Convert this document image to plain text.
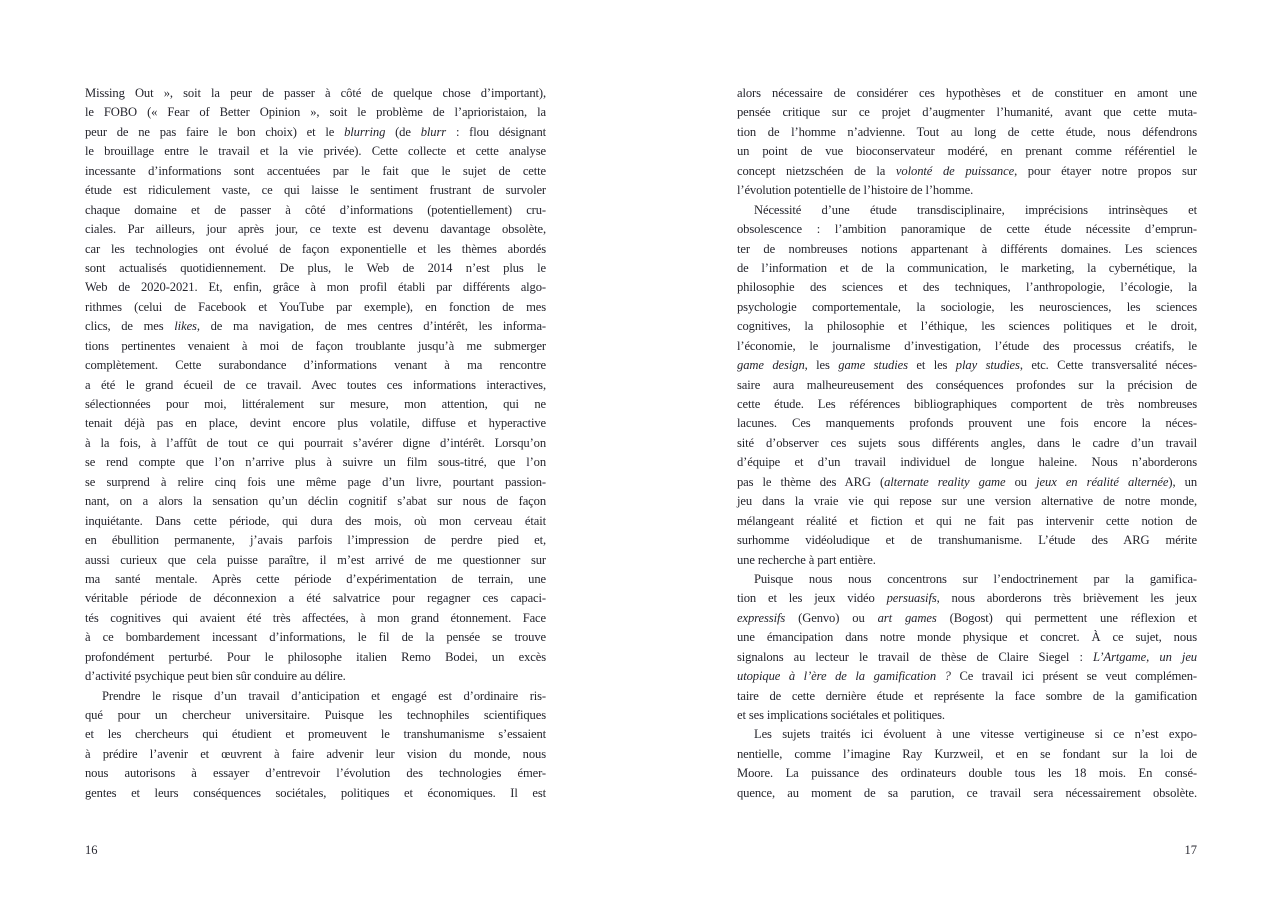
Missing Out », soit la peur de passer à côté de quelque chose d’important),
le FOBO (« Fear of Better Opinion », soit le problème de l’aprioristaion, la
peur de ne pas faire le bon choix) et le blurring (de blurr : flou désignant
le brouillage entre le travail et la vie privée). Cette collecte et cette analyse
incessante d’informations sont accentuées par le fait que le sujet de cette
étude est ridiculement vaste, ce qui laisse le sentiment frustrant de survoler
chaque domaine et de passer à côté d’informations (potentiellement) cru-
ciales. Par ailleurs, jour après jour, ce texte est devenu davantage obsolète,
car les technologies ont évolué de façon exponentielle et les thèmes abordés
sont actualisés quotidiennement. De plus, le Web de 2014 n’est plus le
Web de 2020-2021. Et, enfin, grâce à mon profil établi par différents algo-
rithmes (celui de Facebook et YouTube par exemple), en fonction de mes
clics, de mes likes, de ma navigation, de mes centres d’intérêt, les informa-
tions pertinentes venaient à moi de façon troublante jusqu’à me submerger
complètement. Cette surabondance d’informations venant à ma rencontre
a été le grand écueil de ce travail. Avec toutes ces informations interactives,
sélectionnées pour moi, littéralement sur mesure, mon attention, qui ne
tenait déjà pas en place, devint encore plus volatile, diffuse et hyperactive
à la fois, à l’affût de tout ce qui pourrait s’avérer digne d’intérêt. Lorsqu’on
se rend compte que l’on n’arrive plus à suivre un film sous-titré, que l’on
se surprend à relire cinq fois une même page d’un livre, pourtant passion-
nant, on a alors la sensation qu’un déclin cognitif s’abat sur nous de façon
inquiétante. Dans cette période, qui dura des mois, où mon cerveau était
en ébullition permanente, j’avais parfois l’impression de perdre pied et,
aussi curieux que cela puisse paraître, il m’est arrivé de me questionner sur
ma santé mentale. Après cette période d’expérimentation de terrain, une
véritable période de déconnexion a été salvatrice pour regagner ces capaci-
tés cognitives qui avaient été très affectées, à mon grand étonnement. Face
à ce bombardement incessant d’informations, le fil de la pensée se trouve
profondément perturbé. Pour le philosophe italien Remo Bodei, un excès
d’activité psychique peut bien sûr conduire au délire.
Prendre le risque d’un travail d’anticipation et engagé est d’ordinaire ris-
qué pour un chercheur universitaire. Puisque les technophiles scientifiques
et les chercheurs qui étudient et promeuvent le transhumanisme s’essaient
à prédire l’avenir et œuvrent à faire advenir leur vision du monde, nous
nous autorisons à essayer d’entrevoir l’évolution des technologies émer-
gentes et leurs conséquences sociétales, politiques et économiques. Il est
16
alors nécessaire de considérer ces hypothèses et de constituer en amont une
pensée critique sur ce projet d’augmenter l’humanité, avant que cette muta-
tion de l’homme n’advienne. Tout au long de cette étude, nous défendrons
un point de vue bioconservateur modéré, en prenant comme référentiel le
concept nietzschéen de la volonté de puissance, pour étayer notre propos sur
l’évolution potentielle de l’histoire de l’homme.
Nécessité d’une étude transdisciplinaire, imprécisions intrinsèques et
obsolescence : l’ambition panoramique de cette étude nécessite d’emprun-
ter de nombreuses notions appartenant à différents domaines. Les sciences
de l’information et de la communication, le marketing, la cybernétique, la
philosophie des sciences et des techniques, l’anthropologie, l’écologie, la
psychologie comportementale, la sociologie, les neurosciences, les sciences
cognitives, la philosophie et l’éthique, les sciences politiques et le droit,
l’économie, le journalisme d’investigation, l’étude des processus créatifs, le
game design, les game studies et les play studies, etc. Cette transversalité néces-
saire aura malheureusement des conséquences profondes sur la précision de
cette étude. Les références bibliographiques comportent de très nombreuses
lacunes. Ces manquements profonds prouvent une fois encore la néces-
sité d’observer ces sujets sous différents angles, dans le cadre d’un travail
d’équipe et d’un travail individuel de longue haleine. Nous n’aborderons
pas le thème des ARG (alternate reality game ou jeux en réalité alternée), un
jeu dans la vraie vie qui repose sur une version alternative de notre monde,
mélangeant réalité et fiction et qui ne fait pas intervenir cette notion de
surhomme vidéoludique et de transhumanisme. L’étude des ARG mérite
une recherche à part entière.
Puisque nous nous concentrons sur l’endoctrinement par la gamifica-
tion et les jeux vidéo persuasifs, nous aborderons très brièvement les jeux
expressifs (Genvo) ou art games (Bogost) qui permettent une réflexion et
une émancipation dans notre monde physique et concret. À ce sujet, nous
signalons au lecteur le travail de thèse de Claire Siegel : L’Artgame, un jeu
utopique à l’ère de la gamification ? Ce travail ici présent se veut complémen-
taire de cette dernière étude et représente la face sombre de la gamification
et ses implications sociétales et politiques.
Les sujets traités ici évoluent à une vitesse vertigineuse si ce n’est expo-
nentielle, comme l’imagine Ray Kurzweil, et en se fondant sur la loi de
Moore. La puissance des ordinateurs double tous les 18 mois. En consé-
quence, au moment de sa parution, ce travail sera nécessairement obsolète.
17
